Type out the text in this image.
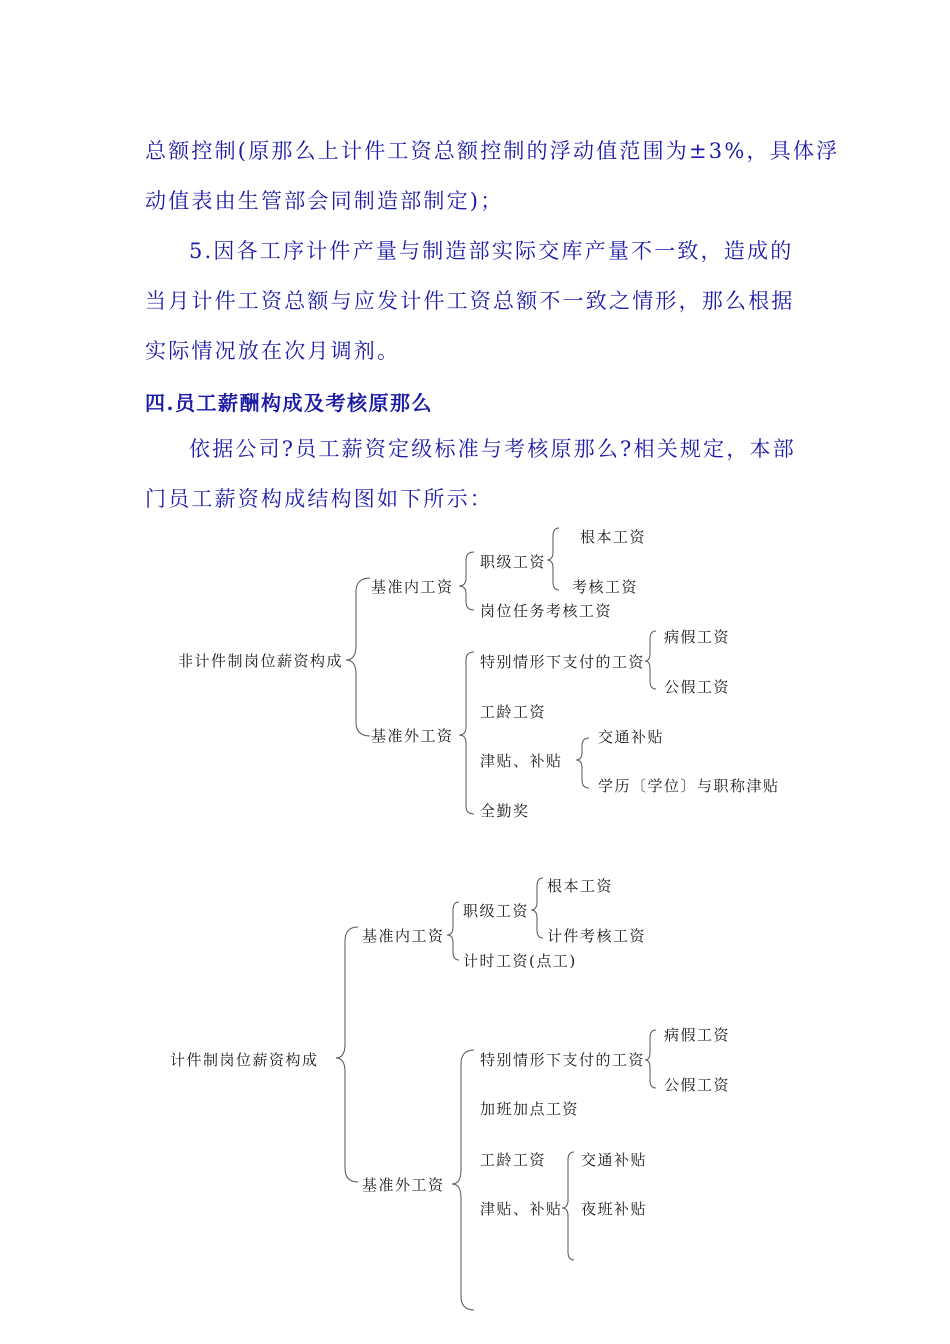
总额控制(原那么上计件工资总额控制的浮动值范围为±3%，具体浮
动值表由生管部会同制造部制定)；
5.因各工序计件产量与制造部实际交库产量不一致，造成的当月计件工资总额与应发计件工资总额不一致之情形，那么根据实际情况放在次月调剂。
四.员工薪酬构成及考核原那么
依据公司?员工薪资定级标准与考核原那么?相关规定，本部门员工薪资构成结构图如下所示：
非计件制岗位薪资构成
基准内工资
职级工资
根本工资
考核工资
岗位任务考核工资
基准外工资
特别情形下支付的工资
病假工资
公假工资
工龄工资
津贴、补贴
交通补贴
学历〔学位〕与职称津贴
全勤奖
计件制岗位薪资构成
基准内工资
职级工资
根本工资
计件考核工资
计时工资(点工)
基准外工资
特别情形下支付的工资
病假工资
公假工资
加班加点工资
工龄工资
津贴、补贴
交通补贴
夜班补贴
